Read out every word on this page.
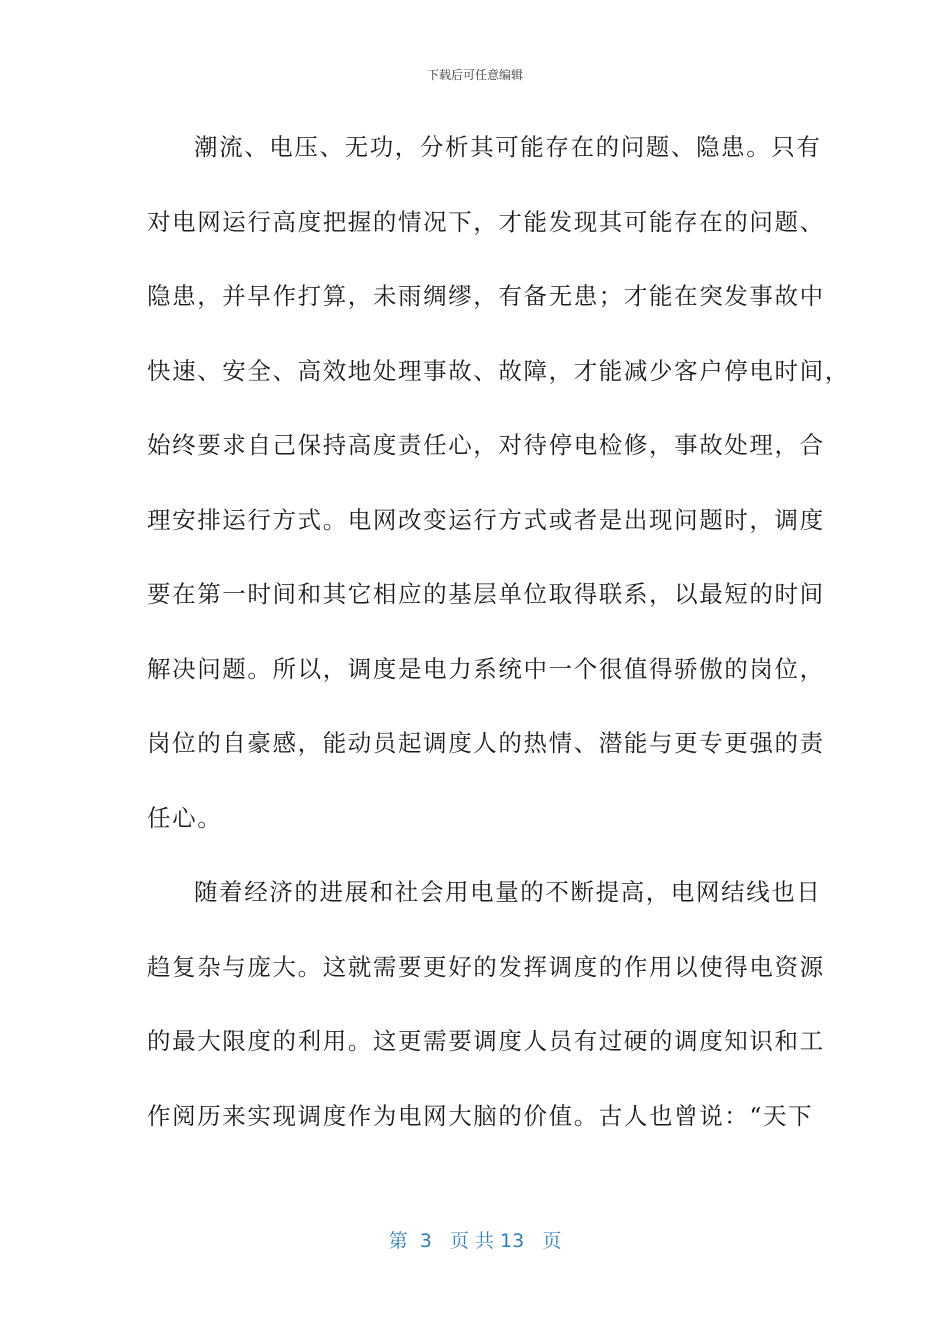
下载后可任意编辑
潮流、电压、无功，分析其可能存在的问题、隐患。只有
对电网运行高度把握的情况下，才能发现其可能存在的问题、
隐患，并早作打算，未雨绸缪，有备无患；才能在突发事故中
快速、安全、高效地处理事故、故障，才能减少客户停电时间，
始终要求自己保持高度责任心，对待停电检修，事故处理，合
理安排运行方式。电网改变运行方式或者是出现问题时，调度
要在第一时间和其它相应的基层单位取得联系，以最短的时间
解决问题。所以，调度是电力系统中一个很值得骄傲的岗位，
岗位的自豪感，能动员起调度人的热情、潜能与更专更强的责
任心。
随着经济的进展和社会用电量的不断提高，电网结线也日
趋复杂与庞大。这就需要更好的发挥调度的作用以使得电资源
的最大限度的利用。这更需要调度人员有过硬的调度知识和工
作阅历来实现调度作为电网大脑的价值。古人也曾说：“天下
第  3   页 共 13   页
